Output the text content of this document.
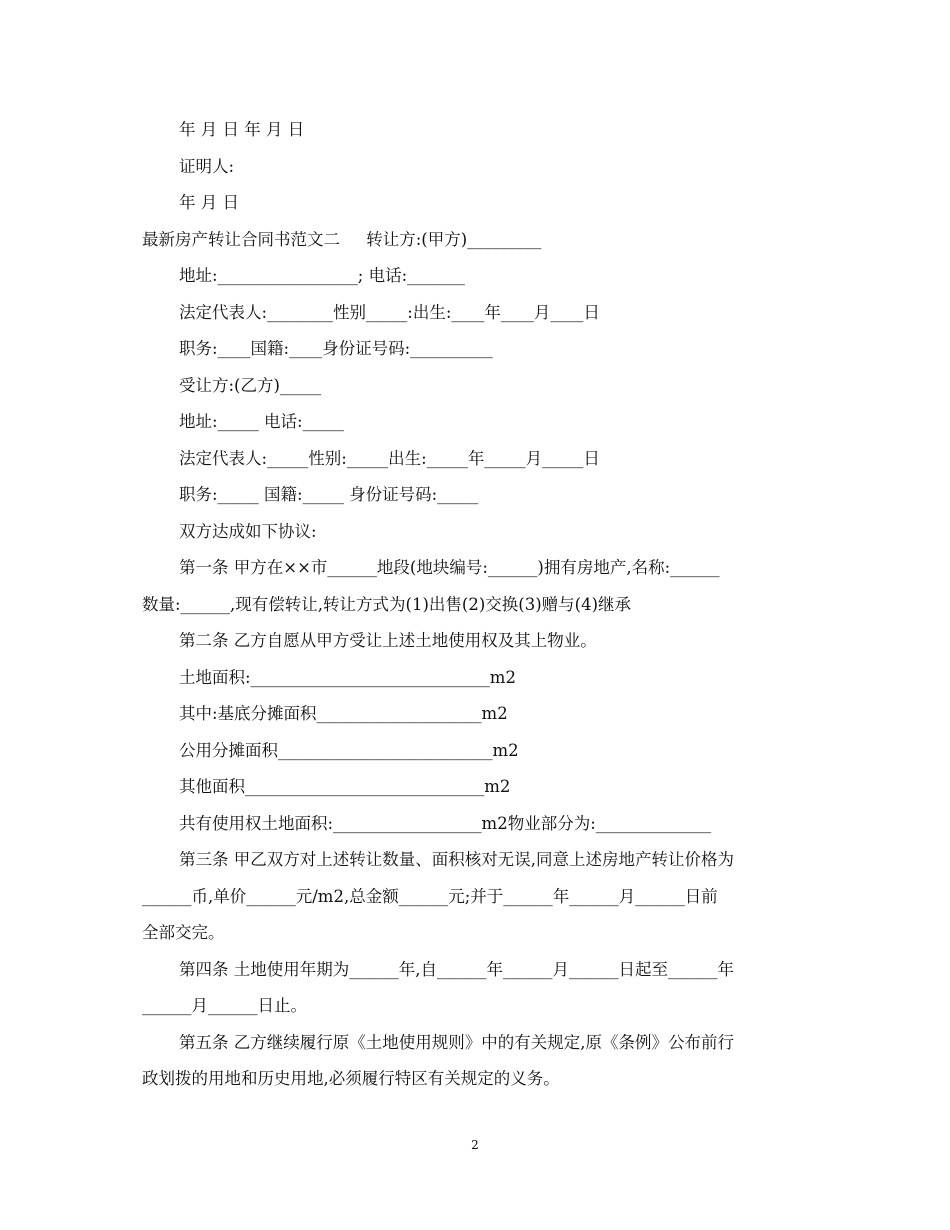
年 月 日 年 月 日
证明人:
年 月 日
最新房产转让合同书范文二     转让方:(甲方)_________
地址:_________________; 电话:_______
法定代表人:________性别_____:出生:____年____月____日
职务:____国籍:____身份证号码:__________
受让方:(乙方)_____
地址:_____ 电话:_____
法定代表人:_____性别:_____出生:_____年_____月_____日
职务:_____ 国籍:_____ 身份证号码:_____
双方达成如下协议:
第一条 甲方在××市______地段(地块编号:______)拥有房地产,名称:______
数量:______,现有偿转让,转让方式为(1)出售(2)交换(3)赠与(4)继承
第二条 乙方自愿从甲方受让上述土地使用权及其上物业。
土地面积:_____________________________m2
其中:基底分摊面积____________________m2
公用分摊面积__________________________m2
其他面积_____________________________m2
共有使用权土地面积:__________________m2物业部分为:______________
第三条 甲乙双方对上述转让数量、面积核对无误,同意上述房地产转让价格为
______币,单价______元/m2,总金额______元;并于______年______月______日前
全部交完。
第四条 土地使用年期为______年,自______年______月______日起至______年
______月______日止。
第五条 乙方继续履行原《土地使用规则》中的有关规定,原《条例》公布前行
政划拨的用地和历史用地,必须履行特区有关规定的义务。
2
